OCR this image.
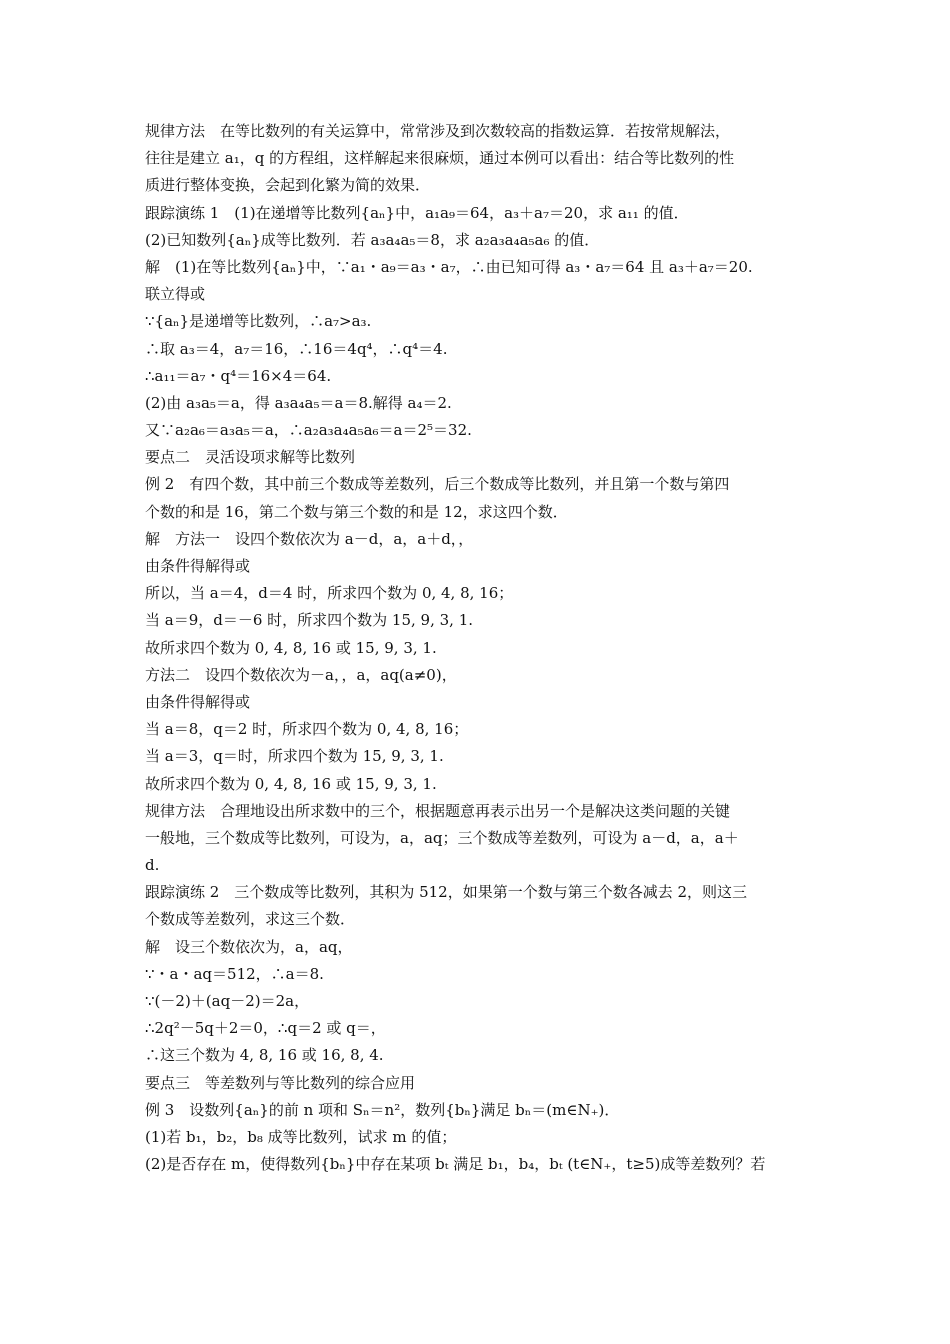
规律方法　在等比数列的有关运算中，常常涉及到次数较高的指数运算．若按常规解法，
往往是建立 a₁，q 的方程组，这样解起来很麻烦，通过本例可以看出：结合等比数列的性
质进行整体变换，会起到化繁为简的效果．
跟踪演练 1　(1)在递增等比数列{aₙ}中，a₁a₉＝64，a₃＋a₇＝20，求 a₁₁ 的值．
(2)已知数列{aₙ}成等比数列．若 a₃a₄a₅＝8，求 a₂a₃a₄a₅a₆ 的值．
解　(1)在等比数列{aₙ}中，∵a₁・a₉＝a₃・a₇，∴由已知可得 a₃・a₇＝64 且 a₃＋a₇＝20.
联立得或
∵{aₙ}是递增等比数列，∴a₇>a₃.
∴取 a₃＝4，a₇＝16，∴16＝4q⁴，∴q⁴＝4.
∴a₁₁＝a₇・q⁴＝16×4＝64.
(2)由 a₃a₅＝a，得 a₃a₄a₅＝a＝8.解得 a₄＝2.
又∵a₂a₆＝a₃a₅＝a，∴a₂a₃a₄a₅a₆＝a＝2⁵＝32.
要点二　灵活设项求解等比数列
例 2　有四个数，其中前三个数成等差数列，后三个数成等比数列，并且第一个数与第四
个数的和是 16，第二个数与第三个数的和是 12，求这四个数．
解　方法一　设四个数依次为 a－d，a，a＋d，，
由条件得解得或
所以，当 a＝4，d＝4 时，所求四个数为 0, 4, 8, 16；
当 a＝9，d＝－6 时，所求四个数为 15, 9, 3, 1.
故所求四个数为 0, 4, 8, 16 或 15, 9, 3, 1.
方法二　设四个数依次为－a，，a，aq(a≠0)，
由条件得解得或
当 a＝8，q＝2 时，所求四个数为 0, 4, 8, 16；
当 a＝3，q＝时，所求四个数为 15, 9, 3, 1.
故所求四个数为 0, 4, 8, 16 或 15, 9, 3, 1.
规律方法　合理地设出所求数中的三个，根据题意再表示出另一个是解决这类问题的关键
一般地，三个数成等比数列，可设为，a，aq；三个数成等差数列，可设为 a－d，a，a＋
d.
跟踪演练 2　三个数成等比数列，其积为 512，如果第一个数与第三个数各减去 2，则这三
个数成等差数列，求这三个数．
解　设三个数依次为，a，aq，
∵・a・aq＝512，∴a＝8.
∵(－2)＋(aq－2)＝2a，
∴2q²－5q＋2＝0，∴q＝2 或 q＝，
∴这三个数为 4, 8, 16 或 16, 8, 4.
要点三　等差数列与等比数列的综合应用
例 3　设数列{aₙ}的前 n 项和 Sₙ＝n²，数列{bₙ}满足 bₙ＝(m∈N₊)．
(1)若 b₁，b₂，b₈ 成等比数列，试求 m 的值；
(2)是否存在 m，使得数列{bₙ}中存在某项 bₜ 满足 b₁，b₄，bₜ (t∈N₊，t≥5)成等差数列？若
